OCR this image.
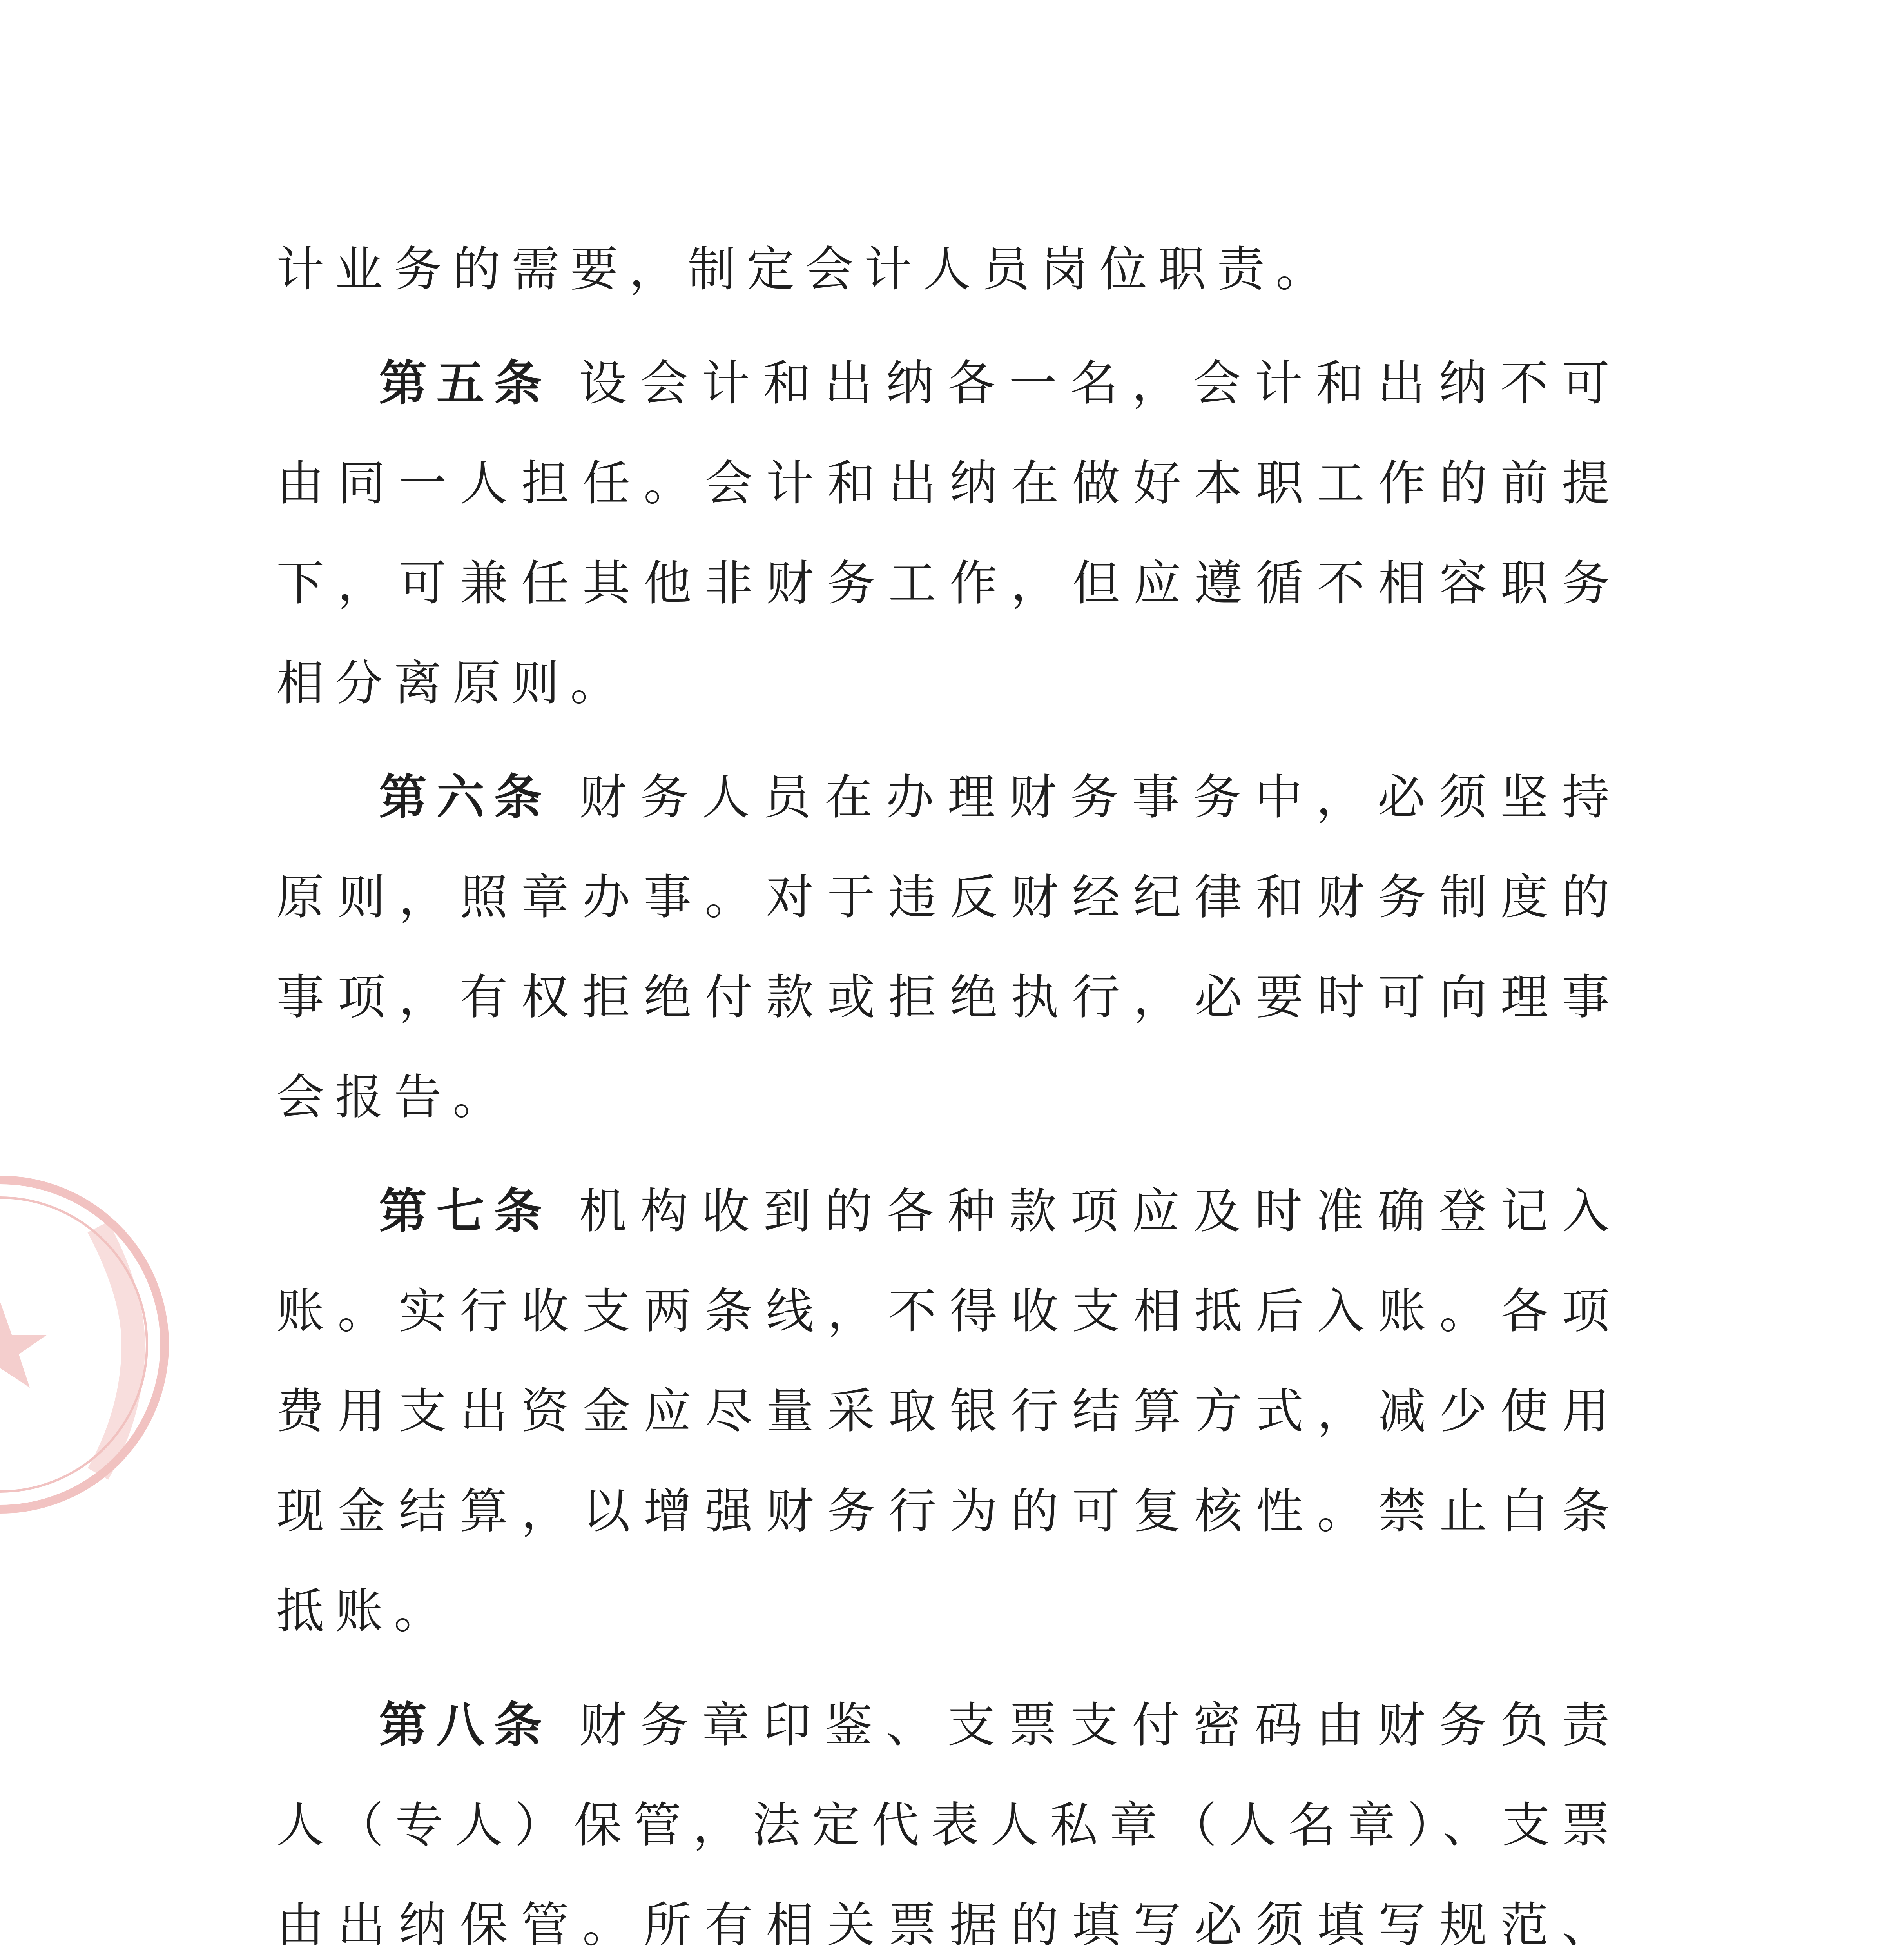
计业务的需要，制定会计人员岗位职责。

第五条 设会计和出纳各一名，会计和出纳不可由同一人担任。会计和出纳在做好本职工作的前提下，可兼任其他非财务工作，但应遵循不相容职务相分离原则。

第六条 财务人员在办理财务事务中，必须坚持原则，照章办事。对于违反财经纪律和财务制度的事项，有权拒绝付款或拒绝执行，必要时可向理事会报告。

第七条 机构收到的各种款项应及时准确登记入账。实行收支两条线，不得收支相抵后入账。各项费用支出资金应尽量采取银行结算方式，减少使用现金结算，以增强财务行为的可复核性。禁止白条抵账。

第八条 财务章印鉴、支票支付密码由财务负责人（专人）保管，法定代表人私章（人名章）、支票由出纳保管。所有相关票据的填写必须填写规范、
